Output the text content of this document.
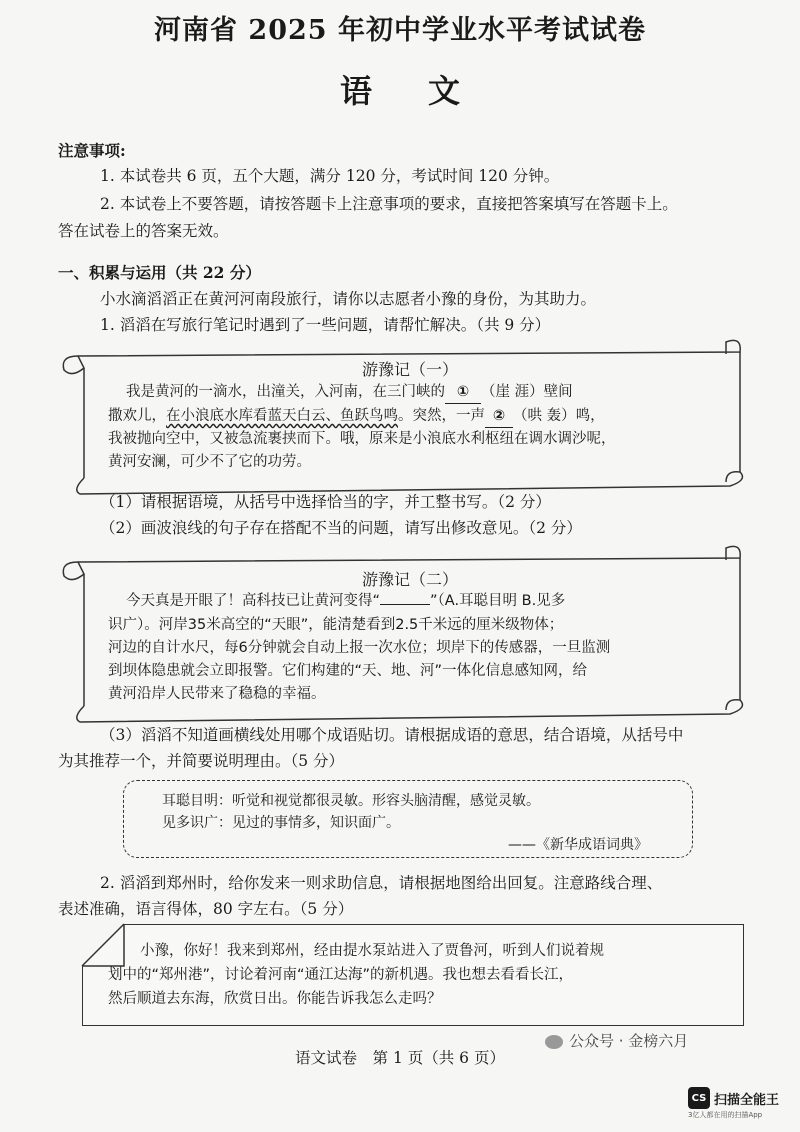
河南省 2025 年初中学业水平考试试卷
语文
注意事项:
1. 本试卷共 6 页，五个大题，满分 120 分，考试时间 120 分钟。
2. 本试卷上不要答题，请按答题卡上注意事项的要求，直接把答案填写在答题卡上。
答在试卷上的答案无效。
一、积累与运用（共 22 分）
小水滴滔滔正在黄河河南段旅行，请你以志愿者小豫的身份，为其助力。
1. 滔滔在写旅行笔记时遇到了一些问题，请帮忙解决。（共 9 分）
游豫记（一）
我是黄河的一滴水，出潼关，入河南，在三门峡的 ① （崖 涯）壁间
撒欢儿，在小浪底水库看蓝天白云、鱼跃鸟鸣。突然，一声 ② （哄 轰）鸣，
我被抛向空中，又被急流裹挟而下。哦，原来是小浪底水利枢纽在调水调沙呢，
黄河安澜，可少不了它的功劳。
（1）请根据语境，从括号中选择恰当的字，并工整书写。（2 分）
（2）画波浪线的句子存在搭配不当的问题，请写出修改意见。（2 分）
游豫记（二）
今天真是开眼了！高科技已让黄河变得“	”（A.耳聪目明 B.见多
识广）。河岸35米高空的“天眼”，能清楚看到2.5千米远的厘米级物体；
河边的自计水尺，每6分钟就会自动上报一次水位；坝岸下的传感器，一旦监测
到坝体隐患就会立即报警。它们构建的“天、地、河”一体化信息感知网，给
黄河沿岸人民带来了稳稳的幸福。
（3）滔滔不知道画横线处用哪个成语贴切。请根据成语的意思，结合语境，从括号中
为其推荐一个，并简要说明理由。（5 分）
耳聪目明：听觉和视觉都很灵敏。形容头脑清醒，感觉灵敏。
见多识广：见过的事情多，知识面广。
——《新华成语词典》
2. 滔滔到郑州时，给你发来一则求助信息，请根据地图给出回复。注意路线合理、
表述准确，语言得体，80 字左右。（5 分）
小豫，你好！我来到郑州，经由提水泵站进入了贾鲁河，听到人们说着规
划中的“郑州港”，讨论着河南“通江达海”的新机遇。我也想去看看长江，
然后顺道去东海，欣赏日出。你能告诉我怎么走吗？
公众号 · 金榜六月
语文试卷　第 1 页（共 6 页）
CS 扫描全能王
3亿人都在用的扫描App
